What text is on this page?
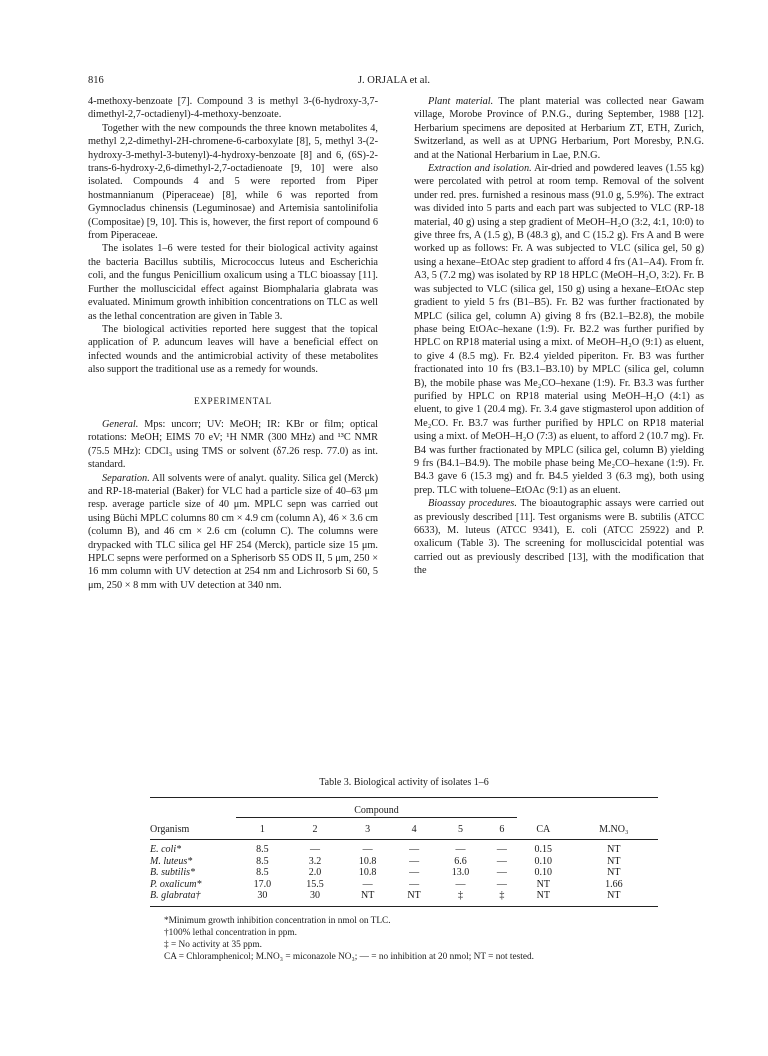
816	J. ORJALA et al.

4-methoxy-benzoate [7]. Compound 3 is methyl 3-(6-hydroxy-3,7-dimethyl-2,7-octadienyl)-4-methoxy-benzoate.

Together with the new compounds the three known metabolites 4, methyl 2,2-dimethyl-2H-chromene-6-carboxylate [8], 5, methyl 3-(2-hydroxy-3-methyl-3-butenyl)-4-hydroxy-benzoate [8] and 6, (6S)-2-trans-6-hydroxy-2,6-dimethyl-2,7-octadienoate [9, 10] were also isolated. Compounds 4 and 5 were reported from Piper hostmannianum (Piperaceae) [8], while 6 was reported from Gymnocladus chinensis (Leguminosae) and Artemisia santolinifolia (Compositae) [9, 10]. This is, however, the first report of compound 6 from Piperaceae.

The isolates 1–6 were tested for their biological activity against the bacteria Bacillus subtilis, Micrococcus luteus and Escherichia coli, and the fungus Penicillium oxalicum using a TLC bioassay [11]. Further the molluscicidal effect against Biomphalaria glabrata was evaluated. Minimum growth inhibition concentrations on TLC as well as the lethal concentration are given in Table 3.

The biological activities reported here suggest that the topical application of P. aduncum leaves will have a beneficial effect on infected wounds and the antimicrobial activity of these metabolites also support the traditional use as a remedy for wounds.

EXPERIMENTAL

General. Mps: uncorr; UV: MeOH; IR: KBr or film; optical rotations: MeOH; EIMS 70 eV; ¹H NMR (300 MHz) and ¹³C NMR (75.5 MHz): CDCl₃ using TMS or solvent (δ7.26 resp. 77.0) as int. standard.

Separation. All solvents were of analyt. quality. Silica gel (Merck) and RP-18-material (Baker) for VLC had a particle size of 40–63 μm resp. average particle size of 40 μm. MPLC sepn was carried out using Büchi MPLC columns 80 cm × 4.9 cm (column A), 46 × 3.6 cm (column B), and 46 cm × 2.6 cm (column C). The columns were drypacked with TLC silica gel HF 254 (Merck), particle size 15 μm. HPLC sepns were performed on a Spherisorb S5 ODS II, 5 μm, 250 × 16 mm column with UV detection at 254 nm and Lichrosorb Si 60, 5 μm, 250 × 8 mm with UV detection at 340 nm.

Plant material. The plant material was collected near Gawam village, Morobe Province of P.N.G., during September, 1988 [12]. Herbarium specimens are deposited at Herbarium ZT, ETH, Zurich, Switzerland, as well as at UPNG Herbarium, Port Moresby, P.N.G. and at the National Herbarium in Lae, P.N.G.

Extraction and isolation. Air-dried and powdered leaves (1.55 kg) were percolated with petrol at room temp. Removal of the solvent under red. pres. furnished a resinous mass (91.0 g, 5.9%). The extract was divided into 5 parts and each part was subjected to VLC (RP-18 material, 40 g) using a step gradient of MeOH–H₂O (3:2, 4:1, 10:0) to give three frs, A (1.5 g), B (48.3 g), and C (15.2 g). Frs A and B were worked up as follows: Fr. A was subjected to VLC (silica gel, 50 g) using a hexane–EtOAc step gradient to afford 4 frs (A1–A4). From fr. A3, 5 (7.2 mg) was isolated by RP 18 HPLC (MeOH–H₂O, 3:2). Fr. B was subjected to VLC (silica gel, 150 g) using a hexane–EtOAc step gradient to yield 5 frs (B1–B5). Fr. B2 was further fractionated by MPLC (silica gel, column A) giving 8 frs (B2.1–B2.8), the mobile phase being EtOAc–hexane (1:9). Fr. B2.2 was further purified by HPLC on RP18 material using a mixt. of MeOH–H₂O (9:1) as eluent, to give 4 (8.5 mg). Fr. B2.4 yielded piperiton. Fr. B3 was further fractionated into 10 frs (B3.1–B3.10) by MPLC (silica gel, column B), the mobile phase was Me₂CO–hexane (1:9). Fr. B3.3 was further purified by HPLC on RP18 material using MeOH–H₂O (4:1) as eluent, to give 1 (20.4 mg). Fr. 3.4 gave stigmasterol upon addition of Me₂CO. Fr. B3.7 was further purified by HPLC on RP18 material using a mixt. of MeOH–H₂O (7:3) as eluent, to afford 2 (10.7 mg). Fr. B4 was further fractionated by MPLC (silica gel, column B) yielding 9 frs (B4.1–B4.9). The mobile phase being Me₂CO–hexane (1:9). Fr. B4.3 gave 6 (15.3 mg) and fr. B4.5 yielded 3 (6.3 mg), both using prep. TLC with toluene–EtOAc (9:1) as an eluent.

Bioassay procedures. The bioautographic assays were carried out as previously described [11]. Test organisms were B. subtilis (ATCC 6633), M. luteus (ATCC 9341), E. coli (ATCC 25922) and P. oxalicum (Table 3). The screening for molluscicidal potential was carried out as previously described [13], with the modification that the

Table 3. Biological activity of isolates 1–6

	Compound							
Organism	1	2	3	4	5	6	CA	M.NO₃

E. coli*	8.5	—	—	—	—	—	0.15	NT
M. luteus*	8.5	3.2	10.8	—	6.6	—	0.10	NT
B. subtilis*	8.5	2.0	10.8	—	13.0	—	0.10	NT
P. oxalicum*	17.0	15.5	—	—	—	—	NT	1.66
B. glabrata†	30	30	NT	NT	‡	‡	NT	NT

*Minimum growth inhibition concentration in nmol on TLC.
†100% lethal concentration in ppm.
‡ = No activity at 35 ppm.
CA = Chloramphenicol; M.NO₃ = miconazole NO₃; — = no inhibition at 20 nmol; NT = not tested.
